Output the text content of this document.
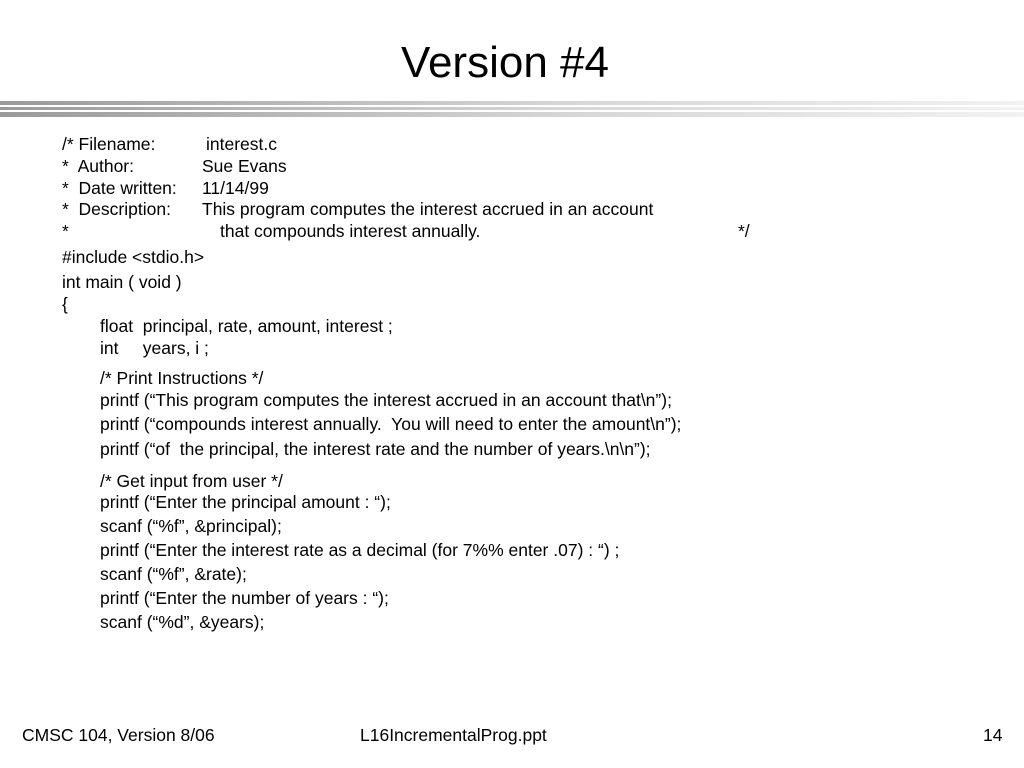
Version #4
/* Filename:	interest.c
*  Author:	Sue Evans
*  Date written: 11/14/99
*  Description: This program computes the interest accrued in an account
*	that compounds interest annually.	*/
#include <stdio.h>
int main ( void )
{
float  principal, rate, amount, interest ;
int     years, i ;
/* Print Instructions */
printf (“This program computes the interest accrued in an account that\n”);
printf (“compounds interest annually.  You will need to enter the amount\n”);
printf (“of  the principal, the interest rate and the number of years.\n\n”);
/* Get input from user */
printf (“Enter the principal amount : “);
scanf (“%f”, &principal);
printf (“Enter the interest rate as a decimal (for 7%% enter .07) : “) ;
scanf (“%f”, &rate);
printf (“Enter the number of years : “);
scanf (“%d”, &years);
CMSC 104, Version 8/06	L16IncrementalProg.ppt	14
